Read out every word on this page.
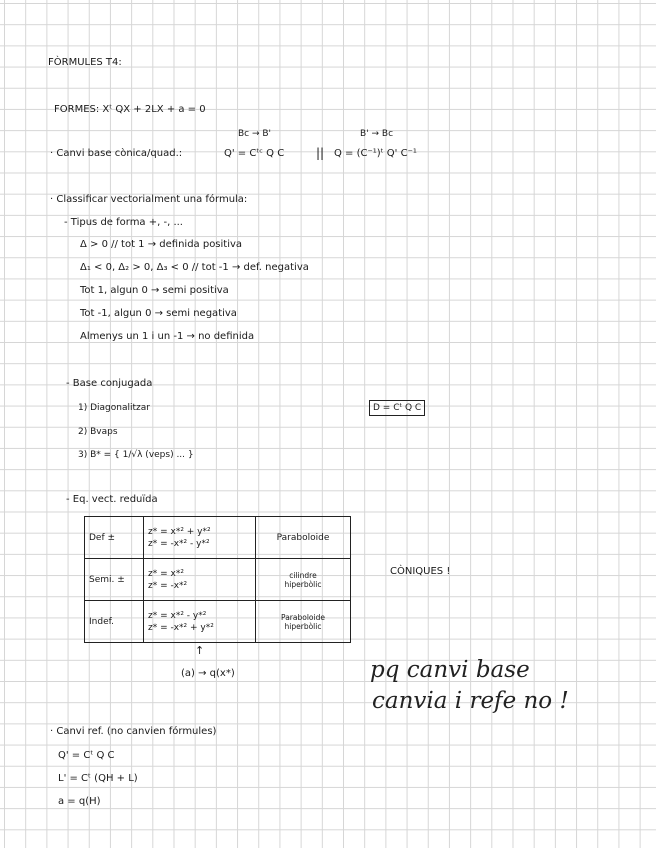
FÒRMULES T4:
FORMES: Xᵗ QX + 2LX + a = 0
Bc → B'	B' → Bc
· Canvi base cònica/quad.:	Q' = Cᵗᶜ Q C	|| Q = (C⁻¹)ᵗ Q' C⁻¹
· Classificar vectorialment una fórmula:
- Tipus de forma +, -, ...
Δ > 0 // tot 1 → definida positiva
Δ₁ < 0, Δ₂ > 0, Δ₃ < 0 // tot -1 → def. negativa
Tot 1, algun 0 → semi positiva
Tot -1, algun 0 → semi negativa
Almenys un 1 i un -1 → no definida
- Base conjugada
1) Diagonalitzar
2) Bvaps
3) B* = { 1/√λ (veps) ... }
D = Cᵗ Q C
- Eq. vect. reduïda
Def ±	z* = x*² + y*²
z* = -x*² - y*²	Paraboloide

Semi. ±	z* = x*²
z* = -x*²	cilindre
hiperbòlic

Indef.	z* = x*² - y*²
z* = -x*² + y*²	Paraboloide
hiperbòlic
CÒNIQUES !
↑
(a) → q(x*)	pq canvi base
canvia i refe no !
· Canvi ref. (no canvien fórmules)
Q' = Cᵗ Q C
L' = Cᵗ (QH + L)
a = q(H)
